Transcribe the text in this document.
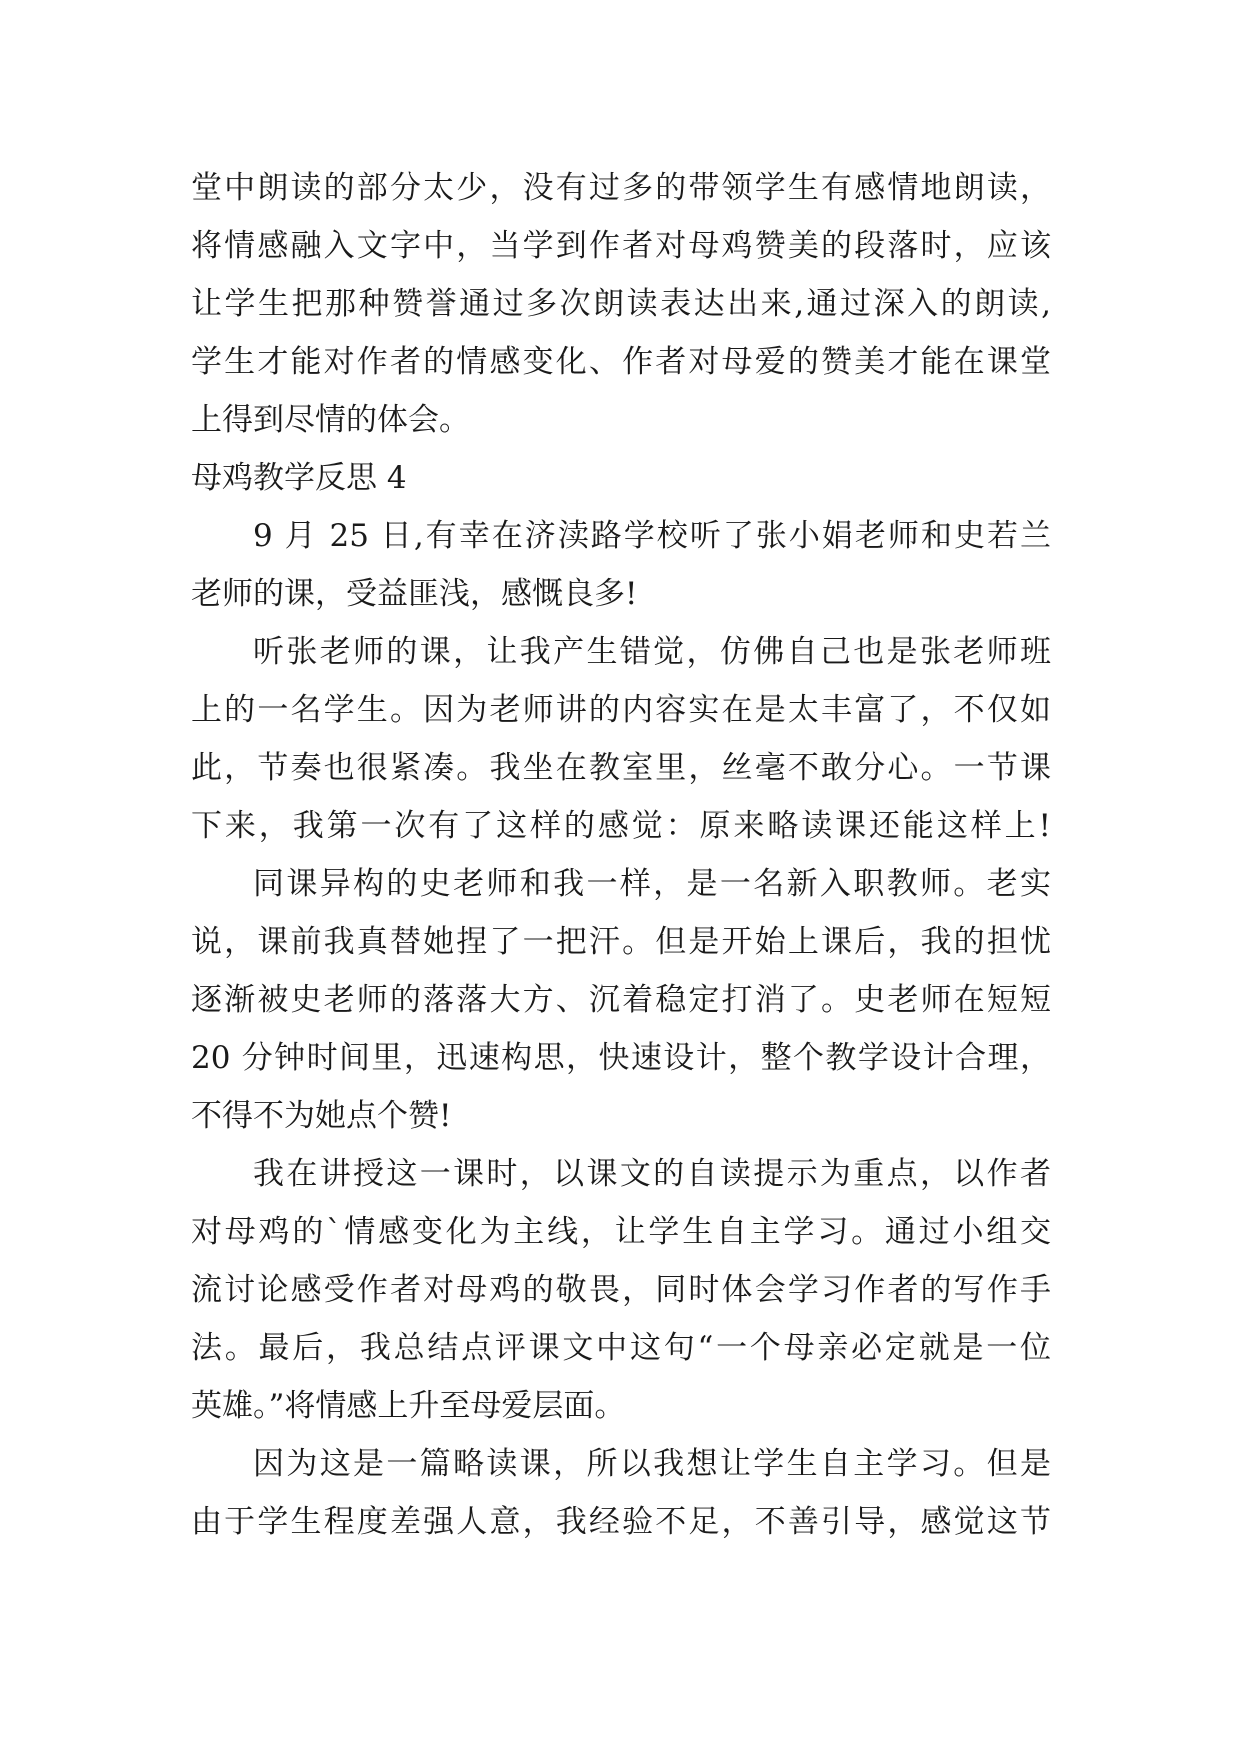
堂中朗读的部分太少，没有过多的带领学生有感情地朗读，
将情感融入文字中，当学到作者对母鸡赞美的段落时，应该
让学生把那种赞誉通过多次朗读表达出来,通过深入的朗读,
学生才能对作者的情感变化、作者对母爱的赞美才能在课堂
上得到尽情的体会。
母鸡教学反思 4
9 月 25 日,有幸在济渎路学校听了张小娟老师和史若兰
老师的课，受益匪浅，感慨良多!
听张老师的课，让我产生错觉，仿佛自己也是张老师班
上的一名学生。因为老师讲的内容实在是太丰富了，不仅如
此，节奏也很紧凑。我坐在教室里，丝毫不敢分心。一节课
下来，我第一次有了这样的感觉：原来略读课还能这样上!
同课异构的史老师和我一样，是一名新入职教师。老实
说，课前我真替她捏了一把汗。但是开始上课后，我的担忧
逐渐被史老师的落落大方、沉着稳定打消了。史老师在短短
20 分钟时间里，迅速构思，快速设计，整个教学设计合理，
不得不为她点个赞!
我在讲授这一课时，以课文的自读提示为重点，以作者
对母鸡的`情感变化为主线，让学生自主学习。通过小组交
流讨论感受作者对母鸡的敬畏，同时体会学习作者的写作手
法。最后，我总结点评课文中这句“一个母亲必定就是一位
英雄。”将情感上升至母爱层面。
因为这是一篇略读课，所以我想让学生自主学习。但是
由于学生程度差强人意，我经验不足，不善引导，感觉这节
